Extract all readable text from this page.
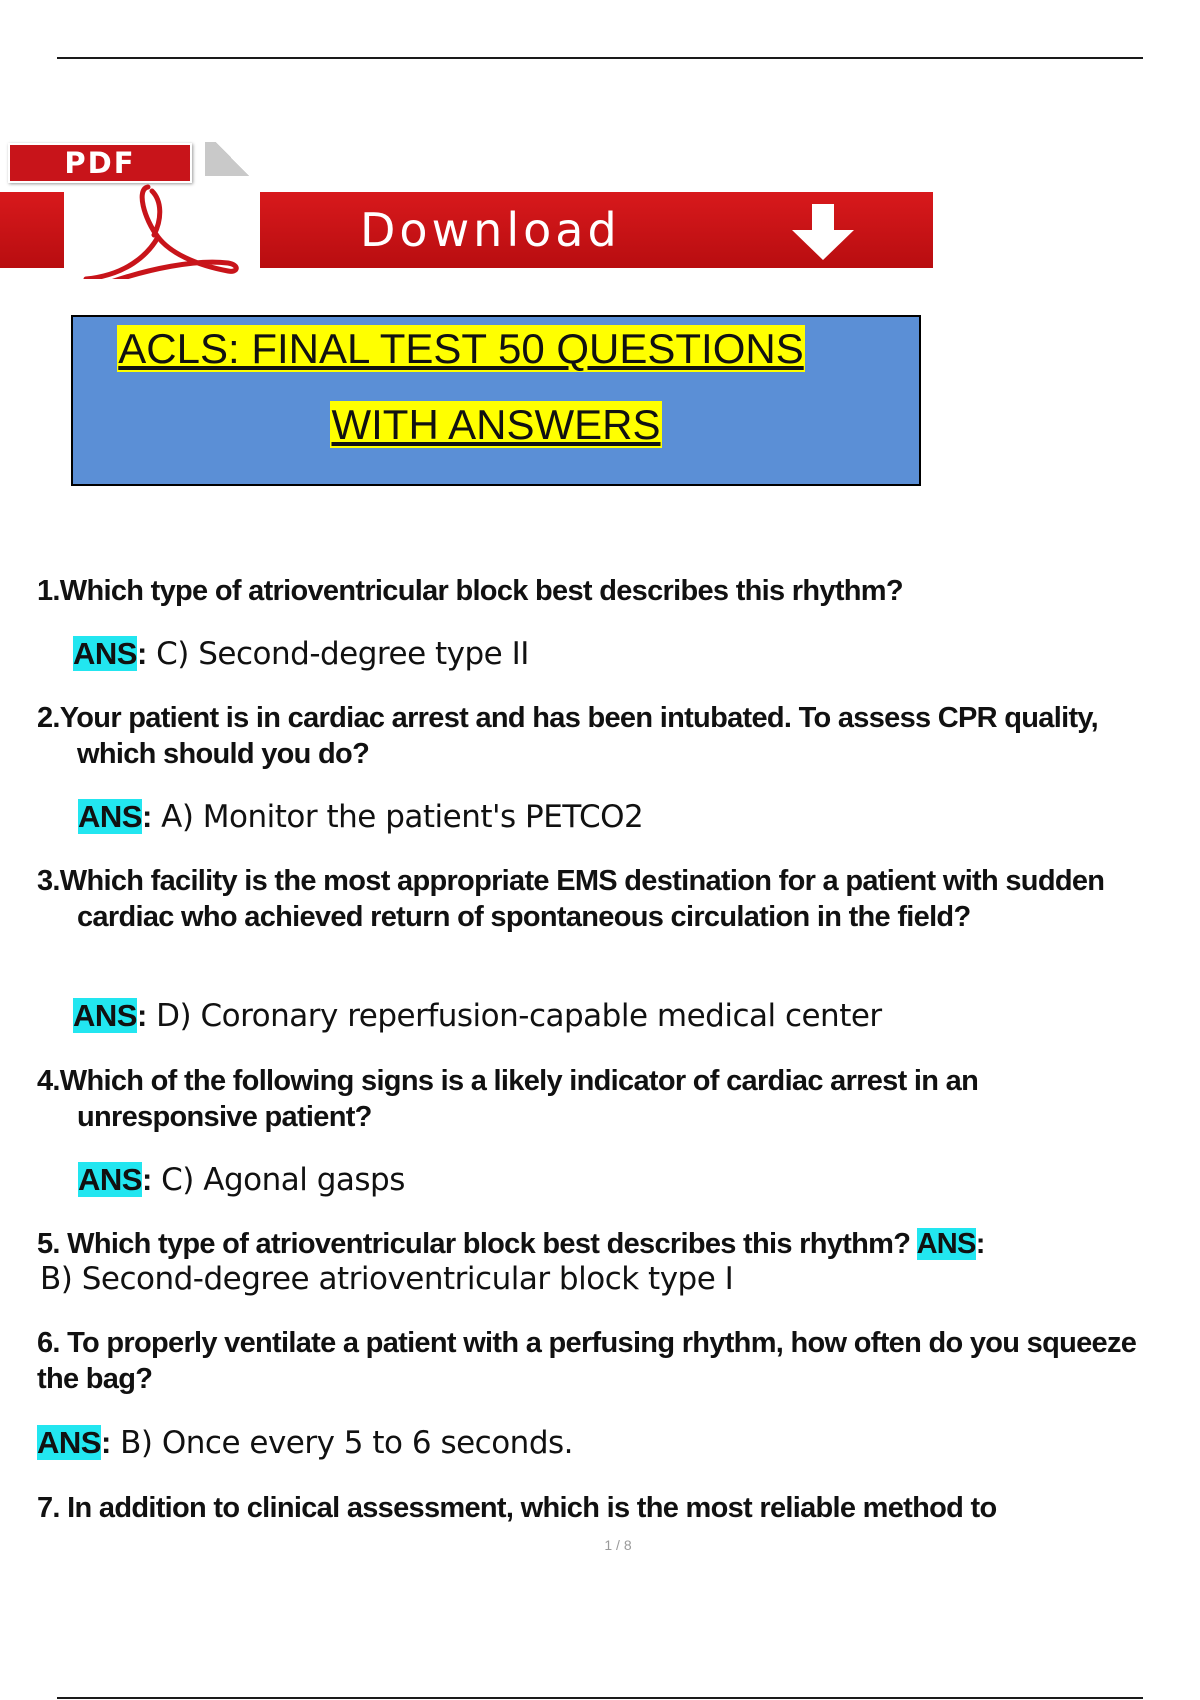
PDF
Download
ACLS: FINAL TEST 50 QUESTIONS
WITH ANSWERS
1.Which type of atrioventricular block best describes this rhythm?
ANS: C) Second-degree type II
2.Your patient is in cardiac arrest and has been intubated. To assess CPR quality, which should you do?
ANS: A) Monitor the patient's PETCO2
3.Which facility is the most appropriate EMS destination for a patient with sudden cardiac who achieved return of spontaneous circulation in the field?
ANS: D) Coronary reperfusion-capable medical center
4.Which of the following signs is a likely indicator of cardiac arrest in an unresponsive patient?
ANS: C) Agonal gasps
5. Which type of atrioventricular block best describes this rhythm? ANS:
B) Second-degree atrioventricular block type I
6. To properly ventilate a patient with a perfusing rhythm, how often do you squeeze the bag?
ANS: B) Once every 5 to 6 seconds.
7. In addition to clinical assessment, which is the most reliable method to
1 / 8
